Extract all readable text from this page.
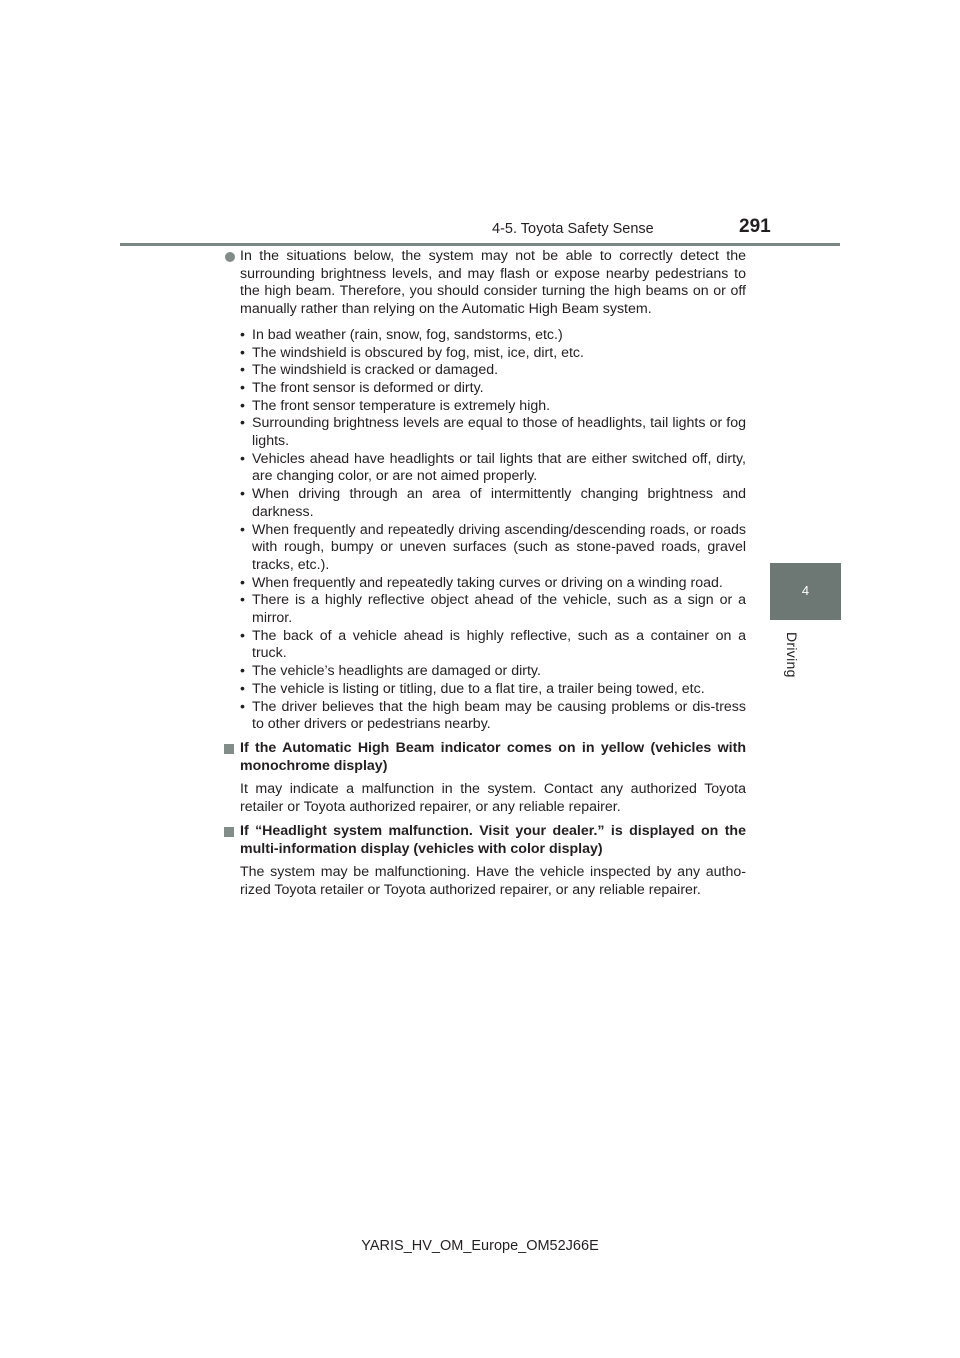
4-5. Toyota Safety Sense	291
4
Driving
In the situations below, the system may not be able to correctly detect the surrounding brightness levels, and may flash or expose nearby pedestrians to the high beam. Therefore, you should consider turning the high beams on or off manually rather than relying on the Automatic High Beam system.
• In bad weather (rain, snow, fog, sandstorms, etc.)
• The windshield is obscured by fog, mist, ice, dirt, etc.
• The windshield is cracked or damaged.
• The front sensor is deformed or dirty.
• The front sensor temperature is extremely high.
• Surrounding brightness levels are equal to those of headlights, tail lights or fog lights.
• Vehicles ahead have headlights or tail lights that are either switched off, dirty, are changing color, or are not aimed properly.
• When driving through an area of intermittently changing brightness and darkness.
• When frequently and repeatedly driving ascending/descending roads, or roads with rough, bumpy or uneven surfaces (such as stone-paved roads, gravel tracks, etc.).
• When frequently and repeatedly taking curves or driving on a winding road.
• There is a highly reflective object ahead of the vehicle, such as a sign or a mirror.
• The back of a vehicle ahead is highly reflective, such as a container on a truck.
• The vehicle’s headlights are damaged or dirty.
• The vehicle is listing or titling, due to a flat tire, a trailer being towed, etc.
• The driver believes that the high beam may be causing problems or dis-tress to other drivers or pedestrians nearby.
If the Automatic High Beam indicator comes on in yellow (vehicles with monochrome display)
It may indicate a malfunction in the system. Contact any authorized Toyota retailer or Toyota authorized repairer, or any reliable repairer.
If “Headlight system malfunction. Visit your dealer.” is displayed on the multi-information display (vehicles with color display)
The system may be malfunctioning. Have the vehicle inspected by any autho-rized Toyota retailer or Toyota authorized repairer, or any reliable repairer.
YARIS_HV_OM_Europe_OM52J66E
